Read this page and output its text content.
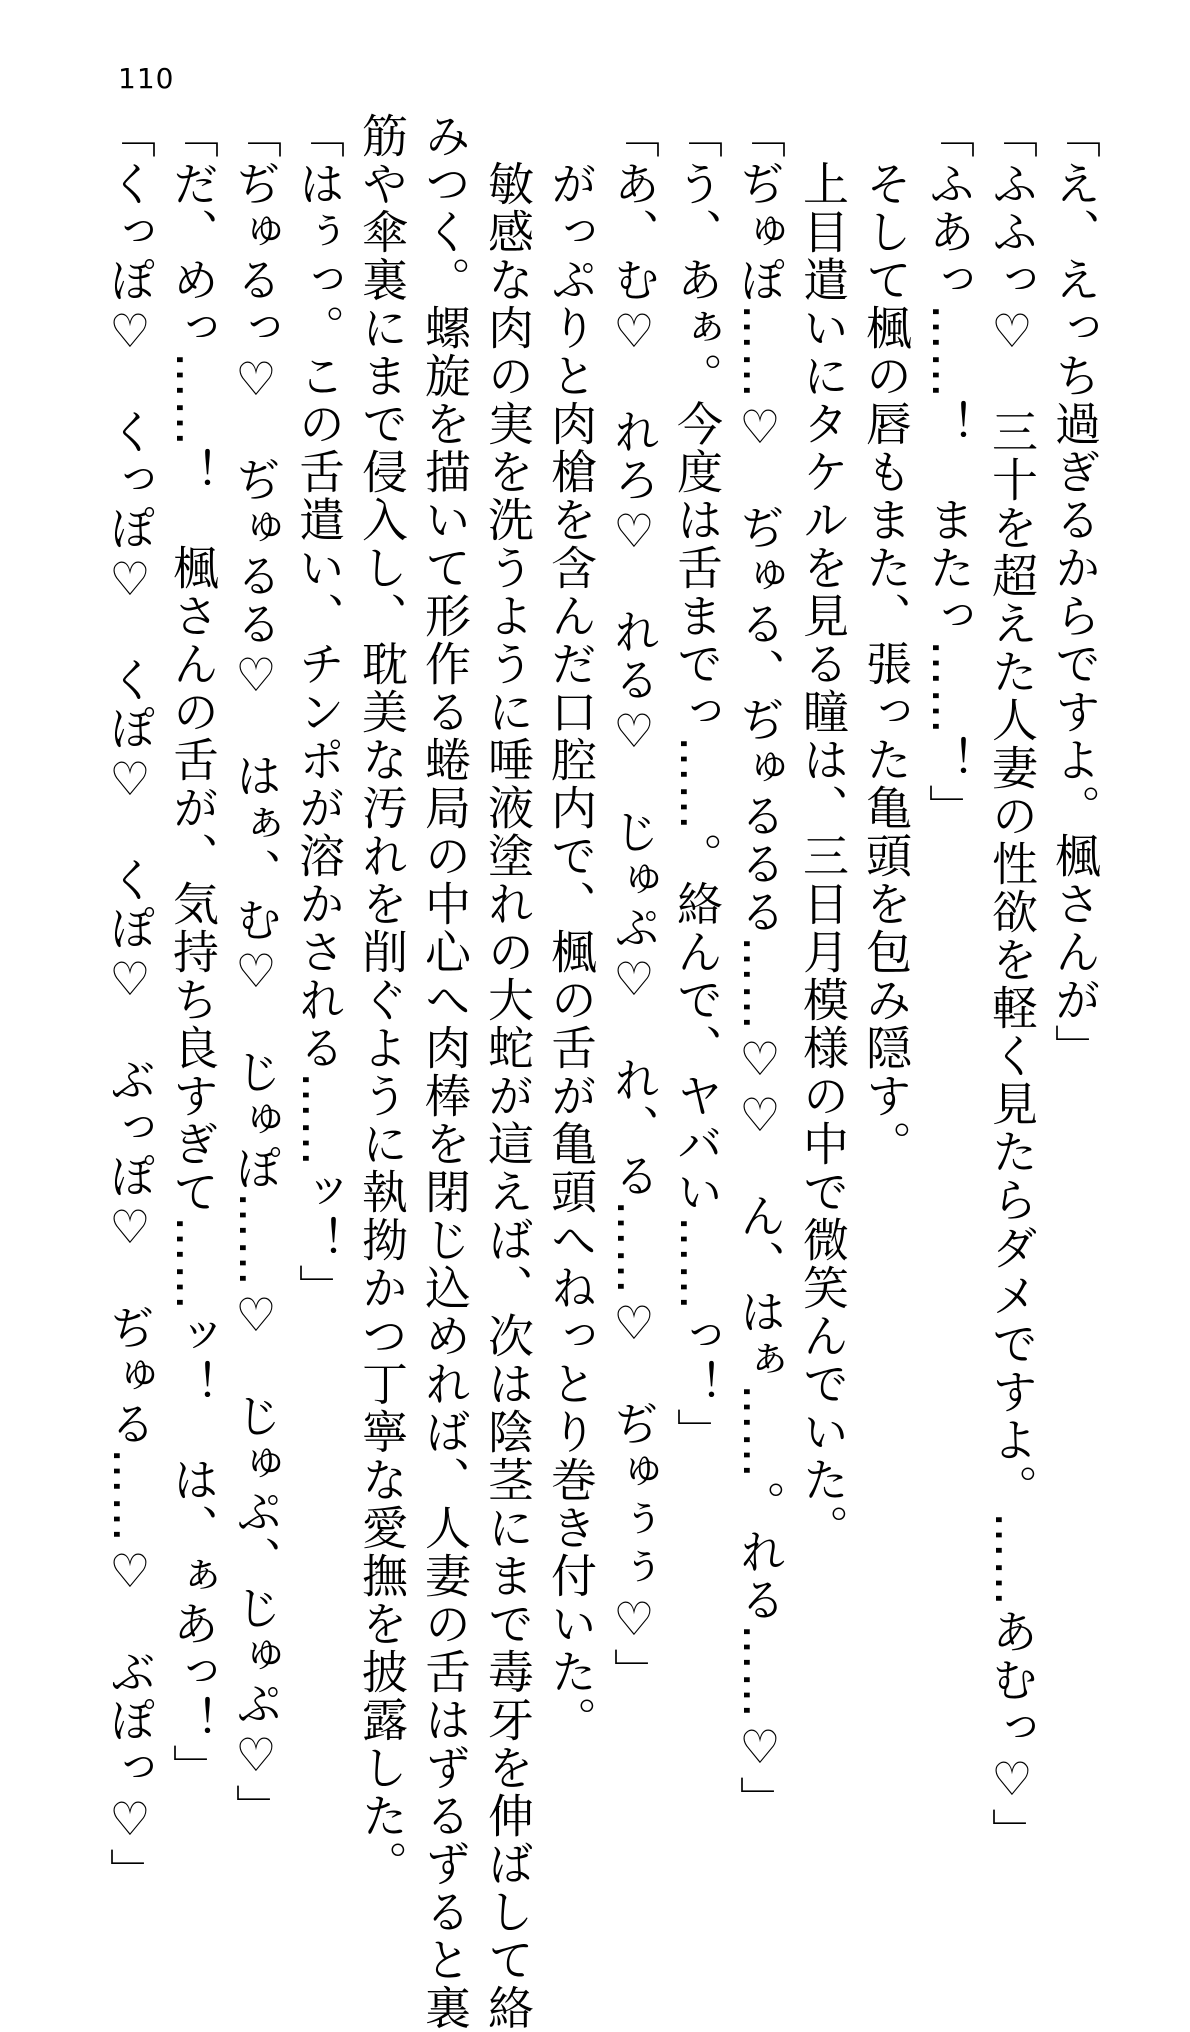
110
「え、えっち過ぎるからですよ。楓さんが」
「ふふっ♡　三十を超えた人妻の性欲を軽く見たらダメですよ。……あむっ♡」
「ふあっ……！　またっ……！」
　そして楓の唇もまた、張った亀頭を包み隠す。
　上目遣いにタケルを見る瞳は、三日月模様の中で微笑んでいた。
「ぢゅぽ……♡　ぢゅる、ぢゅるるる……♡♡　ん、はぁ……。れる……♡」
「う、あぁ。今度は舌までっ……。絡んで、ヤバい……っ！」
「あ、む♡　れろ♡　れる♡　じゅぷ♡　れ、る……♡　ぢゅぅぅ♡」
　がっぷりと肉槍を含んだ口腔内で、楓の舌が亀頭へねっとり巻き付いた。
　敏感な肉の実を洗うように唾液塗れの大蛇が這えば、次は陰茎にまで毒牙を伸ばして絡
みつく。螺旋を描いて形作る蜷局の中心へ肉棒を閉じ込めれば、人妻の舌はずるずると裏
筋や傘裏にまで侵入し、耽美な汚れを削ぐように執拗かつ丁寧な愛撫を披露した。
「はぅっ。この舌遣い、チンポが溶かされる……ッ！」
「ぢゅるっ♡　ぢゅるる♡　はぁ、む♡　じゅぽ……♡　じゅぷ、じゅぷ♡」
「だ、めっ……！　楓さんの舌が、気持ち良すぎて……ッ！　は、ぁあっ！」
「くっぽ♡　くっぽ♡　くぽ♡　くぽ♡　ぶっぽ♡　ぢゅる……♡　ぶぽっ♡」
